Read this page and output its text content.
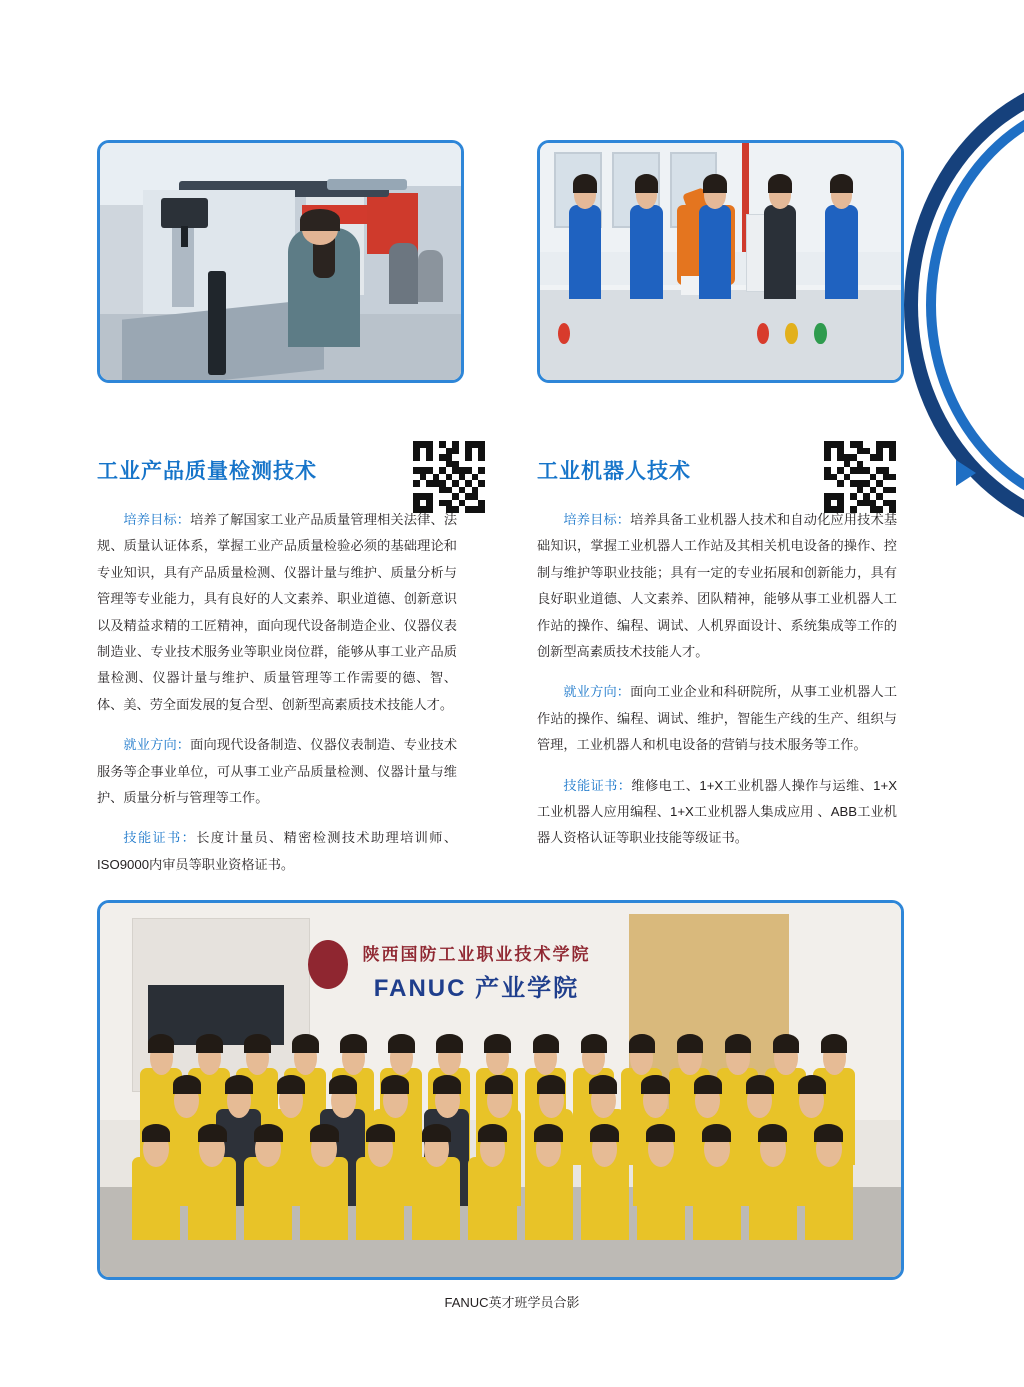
工业产品质量检测技术

培养目标：培养了解国家工业产品质量管理相关法律、法规、质量认证体系，掌握工业产品质量检验必须的基础理论和专业知识，具有产品质量检测、仪器计量与维护、质量分析与管理等专业能力，具有良好的人文素养、职业道德、创新意识以及精益求精的工匠精神，面向现代设备制造企业、仪器仪表制造业、专业技术服务业等职业岗位群，能够从事工业产品质量检测、仪器计量与维护、质量管理等工作需要的德、智、体、美、劳全面发展的复合型、创新型高素质技术技能人才。

就业方向：面向现代设备制造、仪器仪表制造、专业技术服务等企事业单位，可从事工业产品质量检测、仪器计量与维护、质量分析与管理等工作。

技能证书：长度计量员、精密检测技术助理培训师、ISO9000内审员等职业资格证书。

工业机器人技术

培养目标：培养具备工业机器人技术和自动化应用技术基础知识，掌握工业机器人工作站及其相关机电设备的操作、控制与维护等职业技能；具有一定的专业拓展和创新能力，具有良好职业道德、人文素养、团队精神，能够从事工业机器人工作站的操作、编程、调试、人机界面设计、系统集成等工作的创新型高素质技术技能人才。

就业方向：面向工业企业和科研院所，从事工业机器人工作站的操作、编程、调试、维护，智能生产线的生产、组织与管理，工业机器人和机电设备的营销与技术服务等工作。

技能证书：维修电工、1+X工业机器人操作与运维、1+X工业机器人应用编程、1+X工业机器人集成应用 、ABB工业机器人资格认证等职业技能等级证书。

陕西国防工业职业技术学院
FANUC 产业学院
FANUC英才班学员合影
